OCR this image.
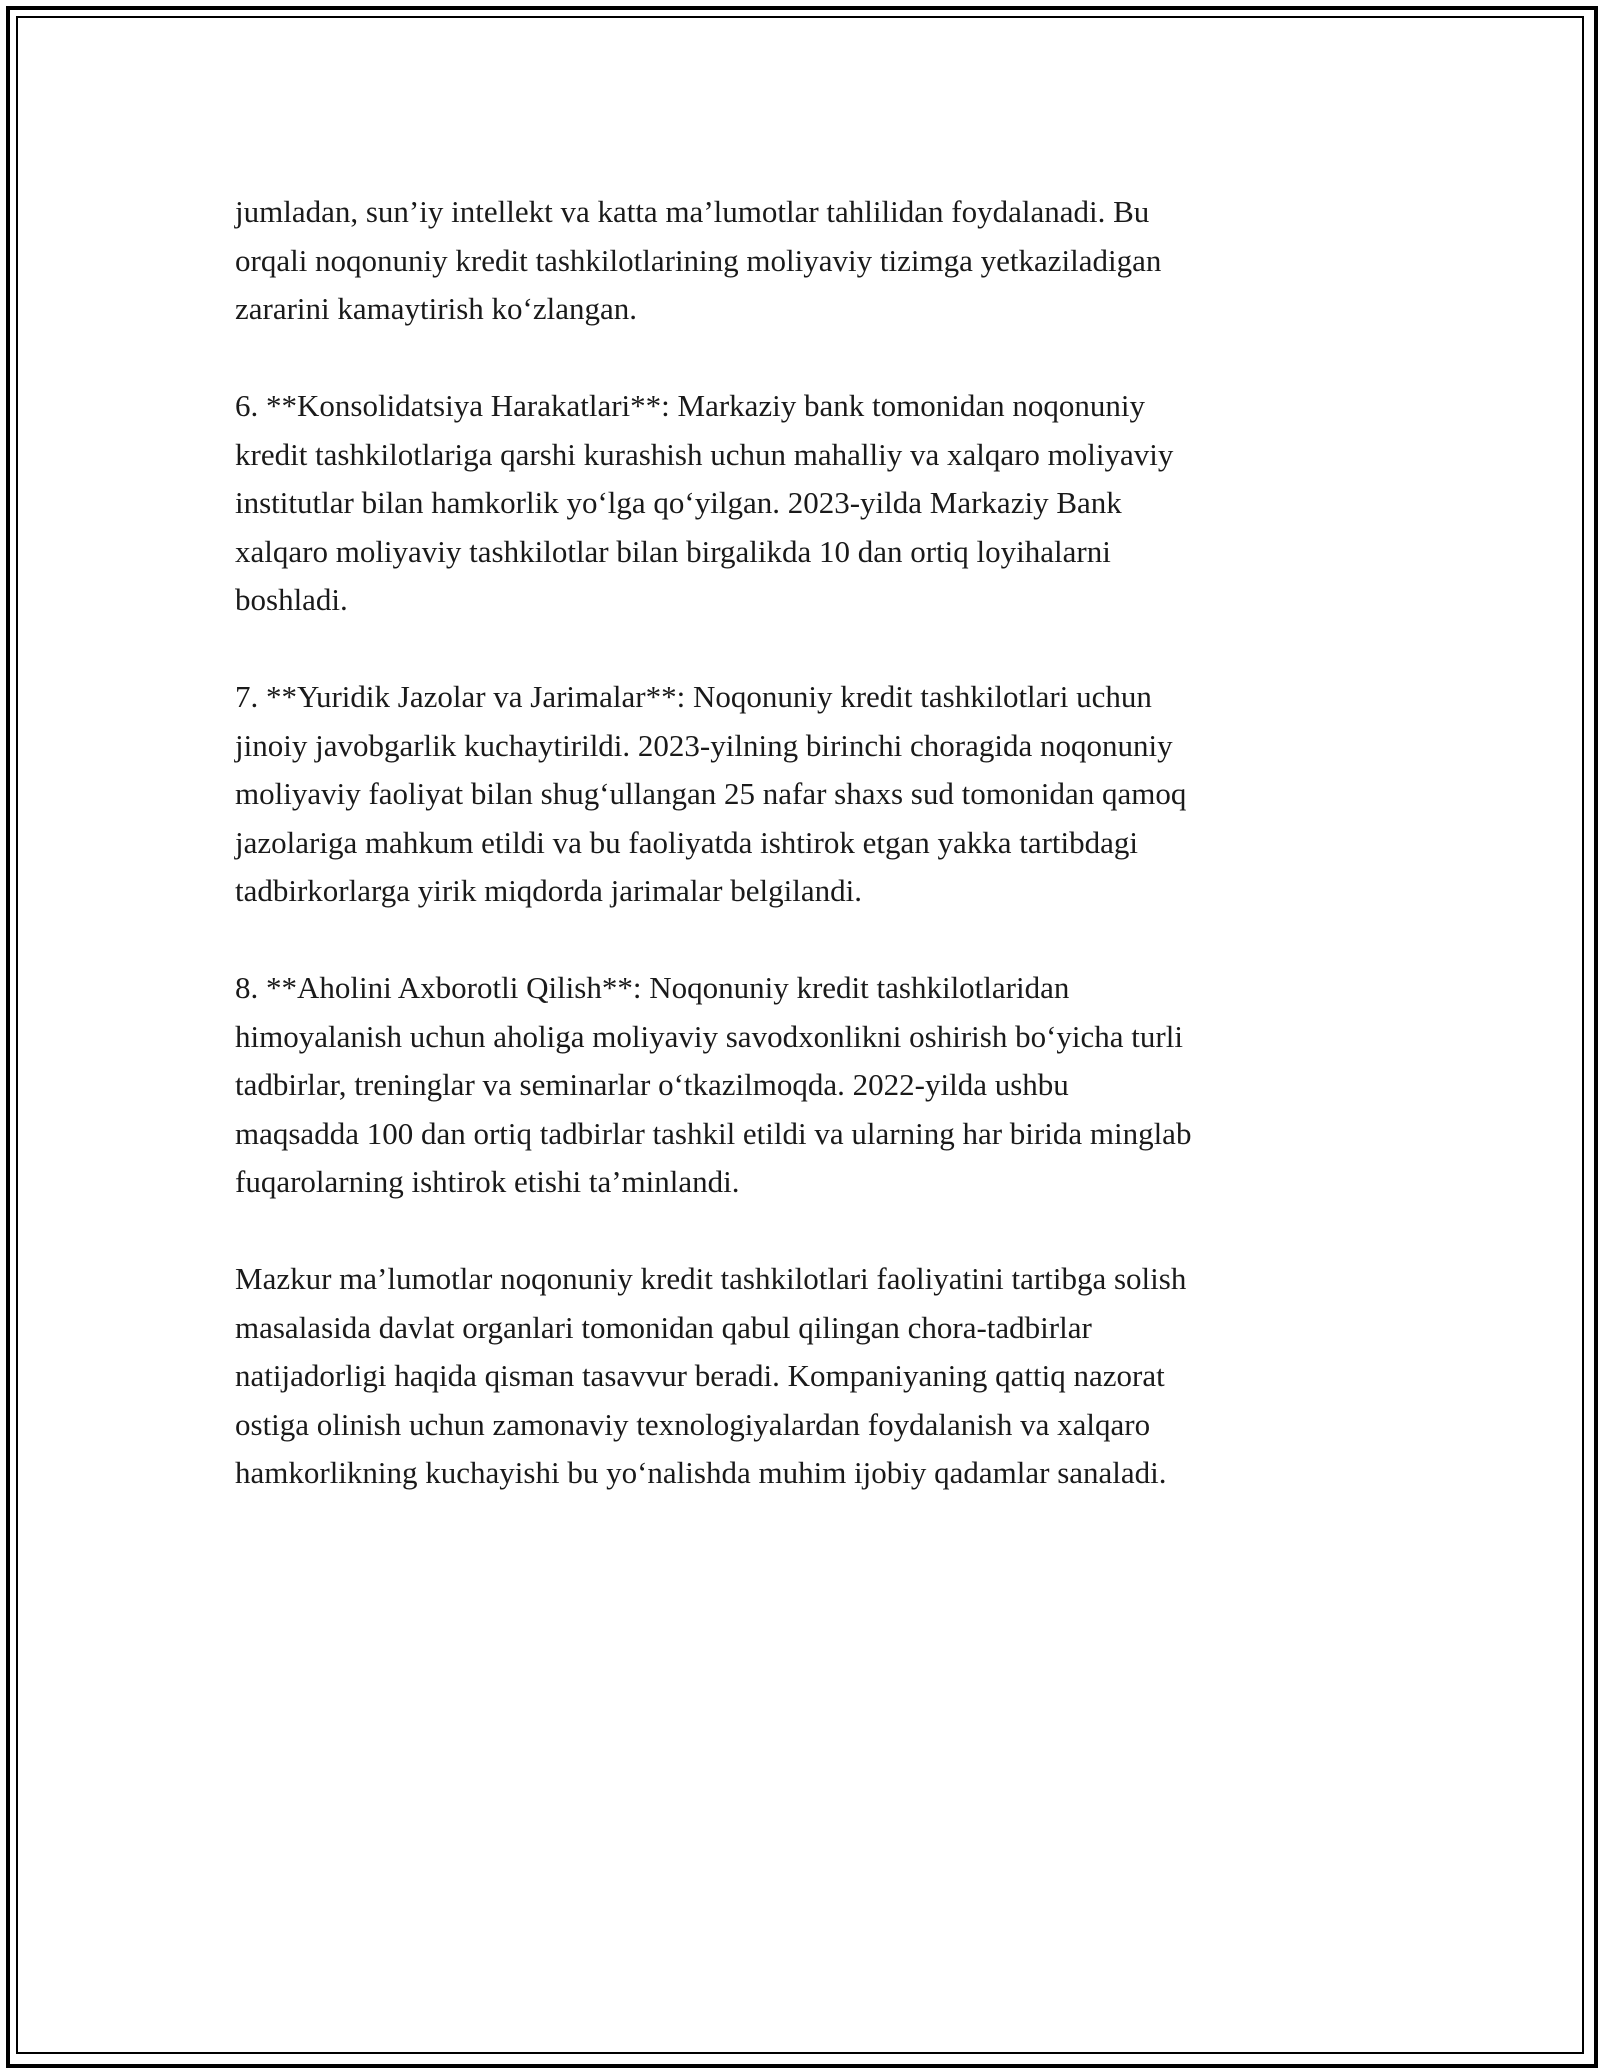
jumladan, sun’iy intellekt va katta ma’lumotlar tahlilidan foydalanadi. Bu
orqali noqonuniy kredit tashkilotlarining moliyaviy tizimga yetkaziladigan
zararini kamaytirish ko‘zlangan.

6. **Konsolidatsiya Harakatlari**: Markaziy bank tomonidan noqonuniy
kredit tashkilotlariga qarshi kurashish uchun mahalliy va xalqaro moliyaviy
institutlar bilan hamkorlik yo‘lga qo‘yilgan. 2023-yilda Markaziy Bank
xalqaro moliyaviy tashkilotlar bilan birgalikda 10 dan ortiq loyihalarni
boshladi.

7. **Yuridik Jazolar va Jarimalar**: Noqonuniy kredit tashkilotlari uchun
jinoiy javobgarlik kuchaytirildi. 2023-yilning birinchi choragida noqonuniy
moliyaviy faoliyat bilan shug‘ullangan 25 nafar shaxs sud tomonidan qamoq
jazolariga mahkum etildi va bu faoliyatda ishtirok etgan yakka tartibdagi
tadbirkorlarga yirik miqdorda jarimalar belgilandi.

8. **Aholini Axborotli Qilish**: Noqonuniy kredit tashkilotlaridan
himoyalanish uchun aholiga moliyaviy savodxonlikni oshirish bo‘yicha turli
tadbirlar, treninglar va seminarlar o‘tkazilmoqda. 2022-yilda ushbu
maqsadda 100 dan ortiq tadbirlar tashkil etildi va ularning har birida minglab
fuqarolarning ishtirok etishi ta’minlandi.

Mazkur ma’lumotlar noqonuniy kredit tashkilotlari faoliyatini tartibga solish
masalasida davlat organlari tomonidan qabul qilingan chora-tadbirlar
natijadorligi haqida qisman tasavvur beradi. Kompaniyaning qattiq nazorat
ostiga olinish uchun zamonaviy texnologiyalardan foydalanish va xalqaro
hamkorlikning kuchayishi bu yo‘nalishda muhim ijobiy qadamlar sanaladi.
